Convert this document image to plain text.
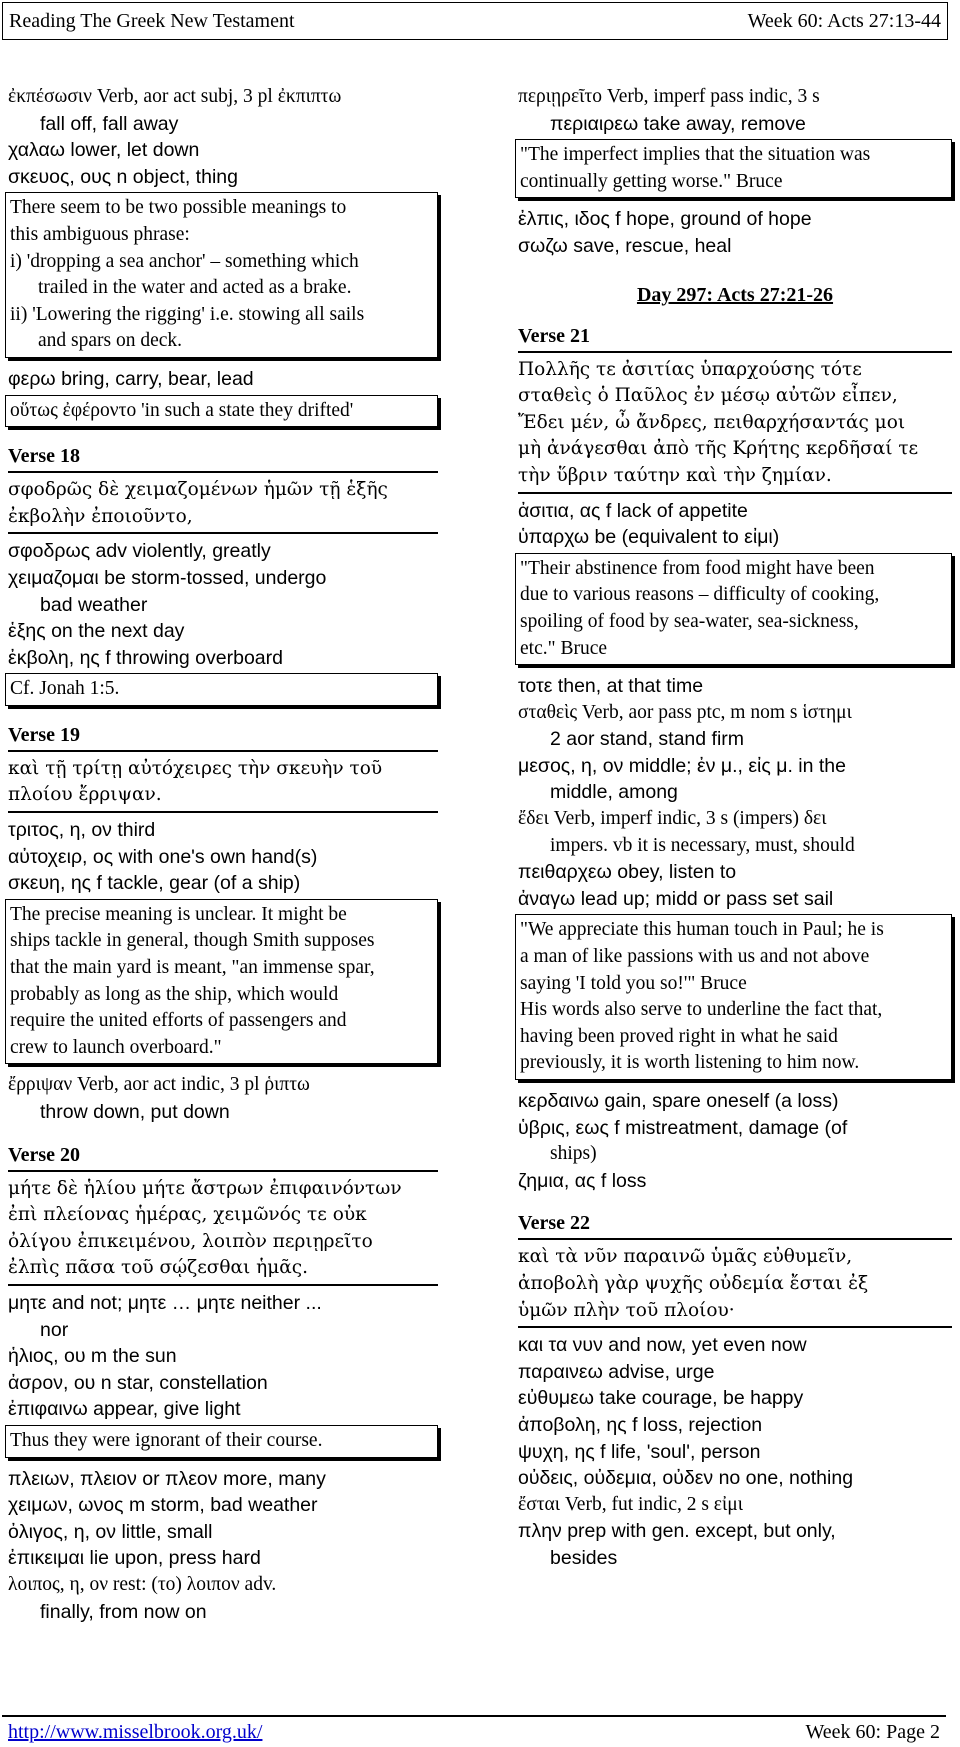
Reading The Greek New Testament	Week 60: Acts 27:13-44
ἐκπέσωσιν Verb, aor act subj, 3 pl ἐκπιπτω
fall off, fall away
χαλαω lower, let down
σκευος, ους n object, thing
There seem to be two possible meanings to
this ambiguous phrase:
i) 'dropping a sea anchor' – something which
trailed in the water and acted as a brake.
ii) 'Lowering the rigging' i.e. stowing all sails
and spars on deck.
φερω bring, carry, bear, lead
οὕτως ἐφέροντο 'in such a state they drifted'
Verse 18
σφοδρῶς δὲ χειμαζομένων ἡμῶν τῇ ἑξῆς
ἐκβολὴν ἐποιοῦντο,
σφοδρως adv violently, greatly
χειμαζομαι be storm-tossed, undergo
bad weather
ἑξης on the next day
ἐκβολη, ης f throwing overboard
Cf. Jonah 1:5.
Verse 19
καὶ τῇ τρίτῃ αὐτόχειρες τὴν σκευὴν τοῦ
πλοίου ἔρριψαν.
τριτος, η, ον third
αὐτοχειρ, ος with one's own hand(s)
σκευη, ης f tackle, gear (of a ship)
The precise meaning is unclear. It might be
ships tackle in general, though Smith supposes
that the main yard is meant, "an immense spar,
probably as long as the ship, which would
require the united efforts of passengers and
crew to launch overboard."
ἔρριψαν Verb, aor act indic, 3 pl ῥιπτω
throw down, put down
Verse 20
μήτε δὲ ἡλίου μήτε ἄστρων ἐπιφαινόντων
ἐπὶ πλείονας ἡμέρας, χειμῶνός τε οὐκ
ὀλίγου ἐπικειμένου, λοιπὸν περιῃρεῖτο
ἐλπὶς πᾶσα τοῦ σῴζεσθαι ἡμᾶς.
μητε and not; μητε … μητε neither ...
nor
ἡλιος, ου m the sun
ἀσρον, ου n star, constellation
ἐπιφαινω appear, give light
Thus they were ignorant of their course.
πλειων, πλειον or πλεον more, many
χειμων, ωνος m storm, bad weather
ὀλιγος, η, ον little, small
ἐπικειμαι lie upon, press hard
λοιπος, η, ον rest: (το) λοιπον adv.
finally, from now on
περιῃρεῖτο Verb, imperf pass indic, 3 s
περιαιρεω take away, remove
"The imperfect implies that the situation was
continually getting worse." Bruce
ἐλπις, ιδος f hope, ground of hope
σωζω save, rescue, heal
Day 297: Acts 27:21-26
Verse 21
Πολλῆς τε ἀσιτίας ὑπαρχούσης τότε
σταθεὶς ὁ Παῦλος ἐν μέσῳ αὐτῶν εἶπεν,
Ἔδει μέν, ὦ ἄνδρες, πειθαρχήσαντάς μοι
μὴ ἀνάγεσθαι ἀπὸ τῆς Κρήτης κερδῆσαί τε
τὴν ὕβριν ταύτην καὶ τὴν ζημίαν.
ἀσιτια, ας f lack of appetite
ὑπαρχω be (equivalent to εἰμι)
"Their abstinence from food might have been
due to various reasons – difficulty of cooking,
spoiling of food by sea-water, sea-sickness,
etc." Bruce
τοτε then, at that time
σταθεὶς Verb, aor pass ptc, m nom s ἱστημι
2 aor stand, stand firm
μεσος, η, ον middle; ἐν μ., εἰς μ. in the
middle, among
ἔδει Verb, imperf indic, 3 s (impers) δει
impers. vb it is necessary, must, should
πειθαρχεω obey, listen to
ἀναγω lead up; midd or pass set sail
"We appreciate this human touch in Paul; he is
a man of like passions with us and not above
saying 'I told you so!'" Bruce
His words also serve to underline the fact that,
having been proved right in what he said
previously, it is worth listening to him now.
κερδαινω gain, spare oneself (a loss)
ὑβρις, εως f mistreatment, damage (of
ships)
ζημια, ας f loss
Verse 22
καὶ τὰ νῦν παραινῶ ὑμᾶς εὐθυμεῖν,
ἀποβολὴ γὰρ ψυχῆς οὐδεμία ἔσται ἐξ
ὑμῶν πλὴν τοῦ πλοίου·
και τα νυν and now, yet even now
παραινεω advise, urge
εὐθυμεω take courage, be happy
ἀποβολη, ης f loss, rejection
ψυχη, ης f life, 'soul', person
οὐδεις, οὐδεμια, οὐδεν no one, nothing
ἔσται Verb, fut indic, 2 s εἰμι
πλην prep with gen. except, but only,
besides
http://www.misselbrook.org.uk/	Week 60: Page 2
